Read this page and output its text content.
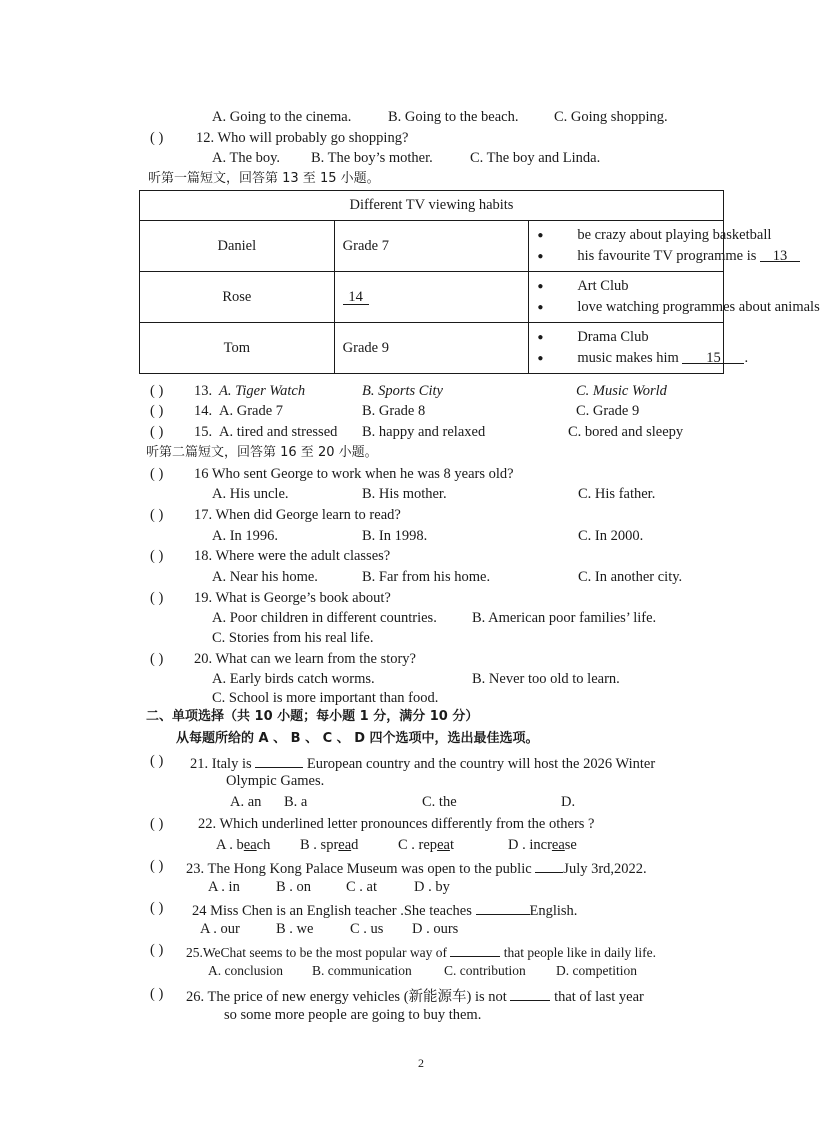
A. Going to the cinema.	B. Going to the beach. C. Going shopping.
( ) 12. Who will probably go shopping?
A. The boy. B. The boy’s mother.	C. The boy and Linda.
听第一篇短文，回答第 13 至 15 小题。
Different TV viewing habits		
Daniel	Grade 7	● be crazy about playing basketball
● his favourite TV programme is 13

Rose	14	● Art Club
● love watching programmes about animals

Tom	Grade 9	● Drama Club
● music makes him 15 .
( ) 13. A. Tiger Watch	B. Sports City	C. Music World
( ) 14. A. Grade 7	B. Grade 8	C. Grade 9
( ) 15. A. tired and stressed B. happy and relaxed	C. bored and sleepy
听第二篇短文，回答第 16 至 20 小题。
( ) 16 Who sent George to work when he was 8 years old?
A. His uncle.	B. His mother.	C. His father.
( ) 17. When did George learn to read?
A. In 1996.	B. In 1998.	C. In 2000.
( ) 18. Where were the adult classes?
A. Near his home.	B. Far from his home.	C. In another city.
( ) 19. What is George’s book about?
A. Poor children in different countries. B. American poor families’ life.
C. Stories from his real life.
( ) 20. What can we learn from the story?
A. Early birds catch worms.	B. Never too old to learn.
C. School is more important than food.
二、单项选择（共 10 小题；每小题 1 分，满分 10 分）
从每题所给的 A 、 B 、 C 、 D 四个选项中，选出最佳选项。
( ) 21. Italy is	European country and the country will host the 2026 Winter
Olympic Games.
A. an B. a	C. the	D.
( ) 22. Which underlined letter pronounces differently from the others ?
A . beach B . spread	C . repeat	D . increase
( ) 23. The Hong Kong Palace Museum was open to the public July 3rd,2022.
A . in B . on C . at	D . by
( ) 24 Miss Chen is an English teacher .She teaches	English.
A . our B . we	C . us D . ours
( ) 25.WeChat seems to be the most popular way of	that people like in daily life.
A. conclusion B. communication C. contribution D. competition
( ) 26. The price of new energy vehicles (新能源车) is not	that of last year
so some more people are going to buy them.
2
